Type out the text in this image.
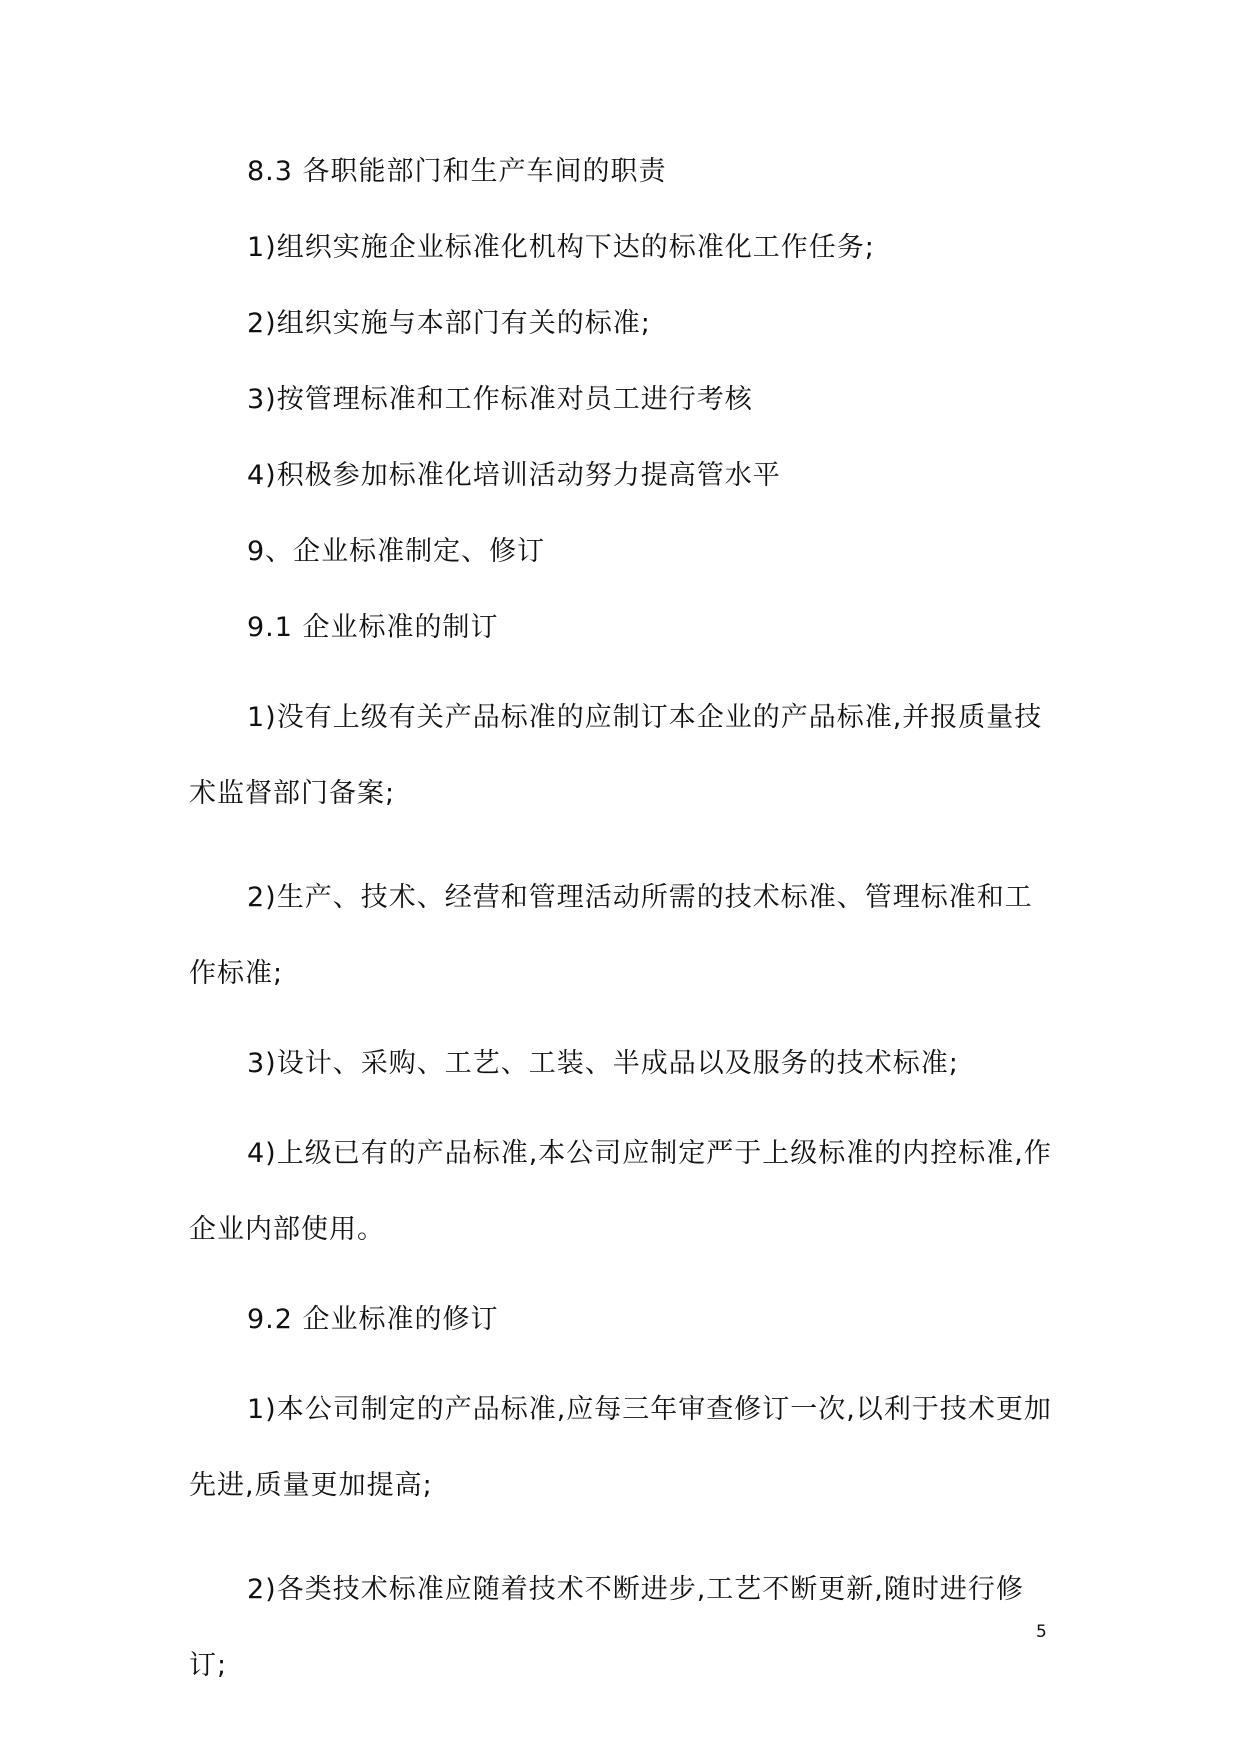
8.3 各职能部门和生产车间的职责

1)组织实施企业标准化机构下达的标准化工作任务;

2)组织实施与本部门有关的标准;

3)按管理标准和工作标准对员工进行考核

4)积极参加标准化培训活动努力提高管水平

9、企业标准制定、修订

9.1 企业标准的制订

1)没有上级有关产品标准的应制订本企业的产品标准,并报质量技术监督部门备案;

2)生产、技术、经营和管理活动所需的技术标准、管理标准和工作标准;

3)设计、采购、工艺、工装、半成品以及服务的技术标准;

4)上级已有的产品标准,本公司应制定严于上级标准的内控标准,作企业内部使用。

9.2 企业标准的修订

1)本公司制定的产品标准,应每三年审查修订一次,以利于技术更加先进,质量更加提高;

2)各类技术标准应随着技术不断进步,工艺不断更新,随时进行修订;

5
